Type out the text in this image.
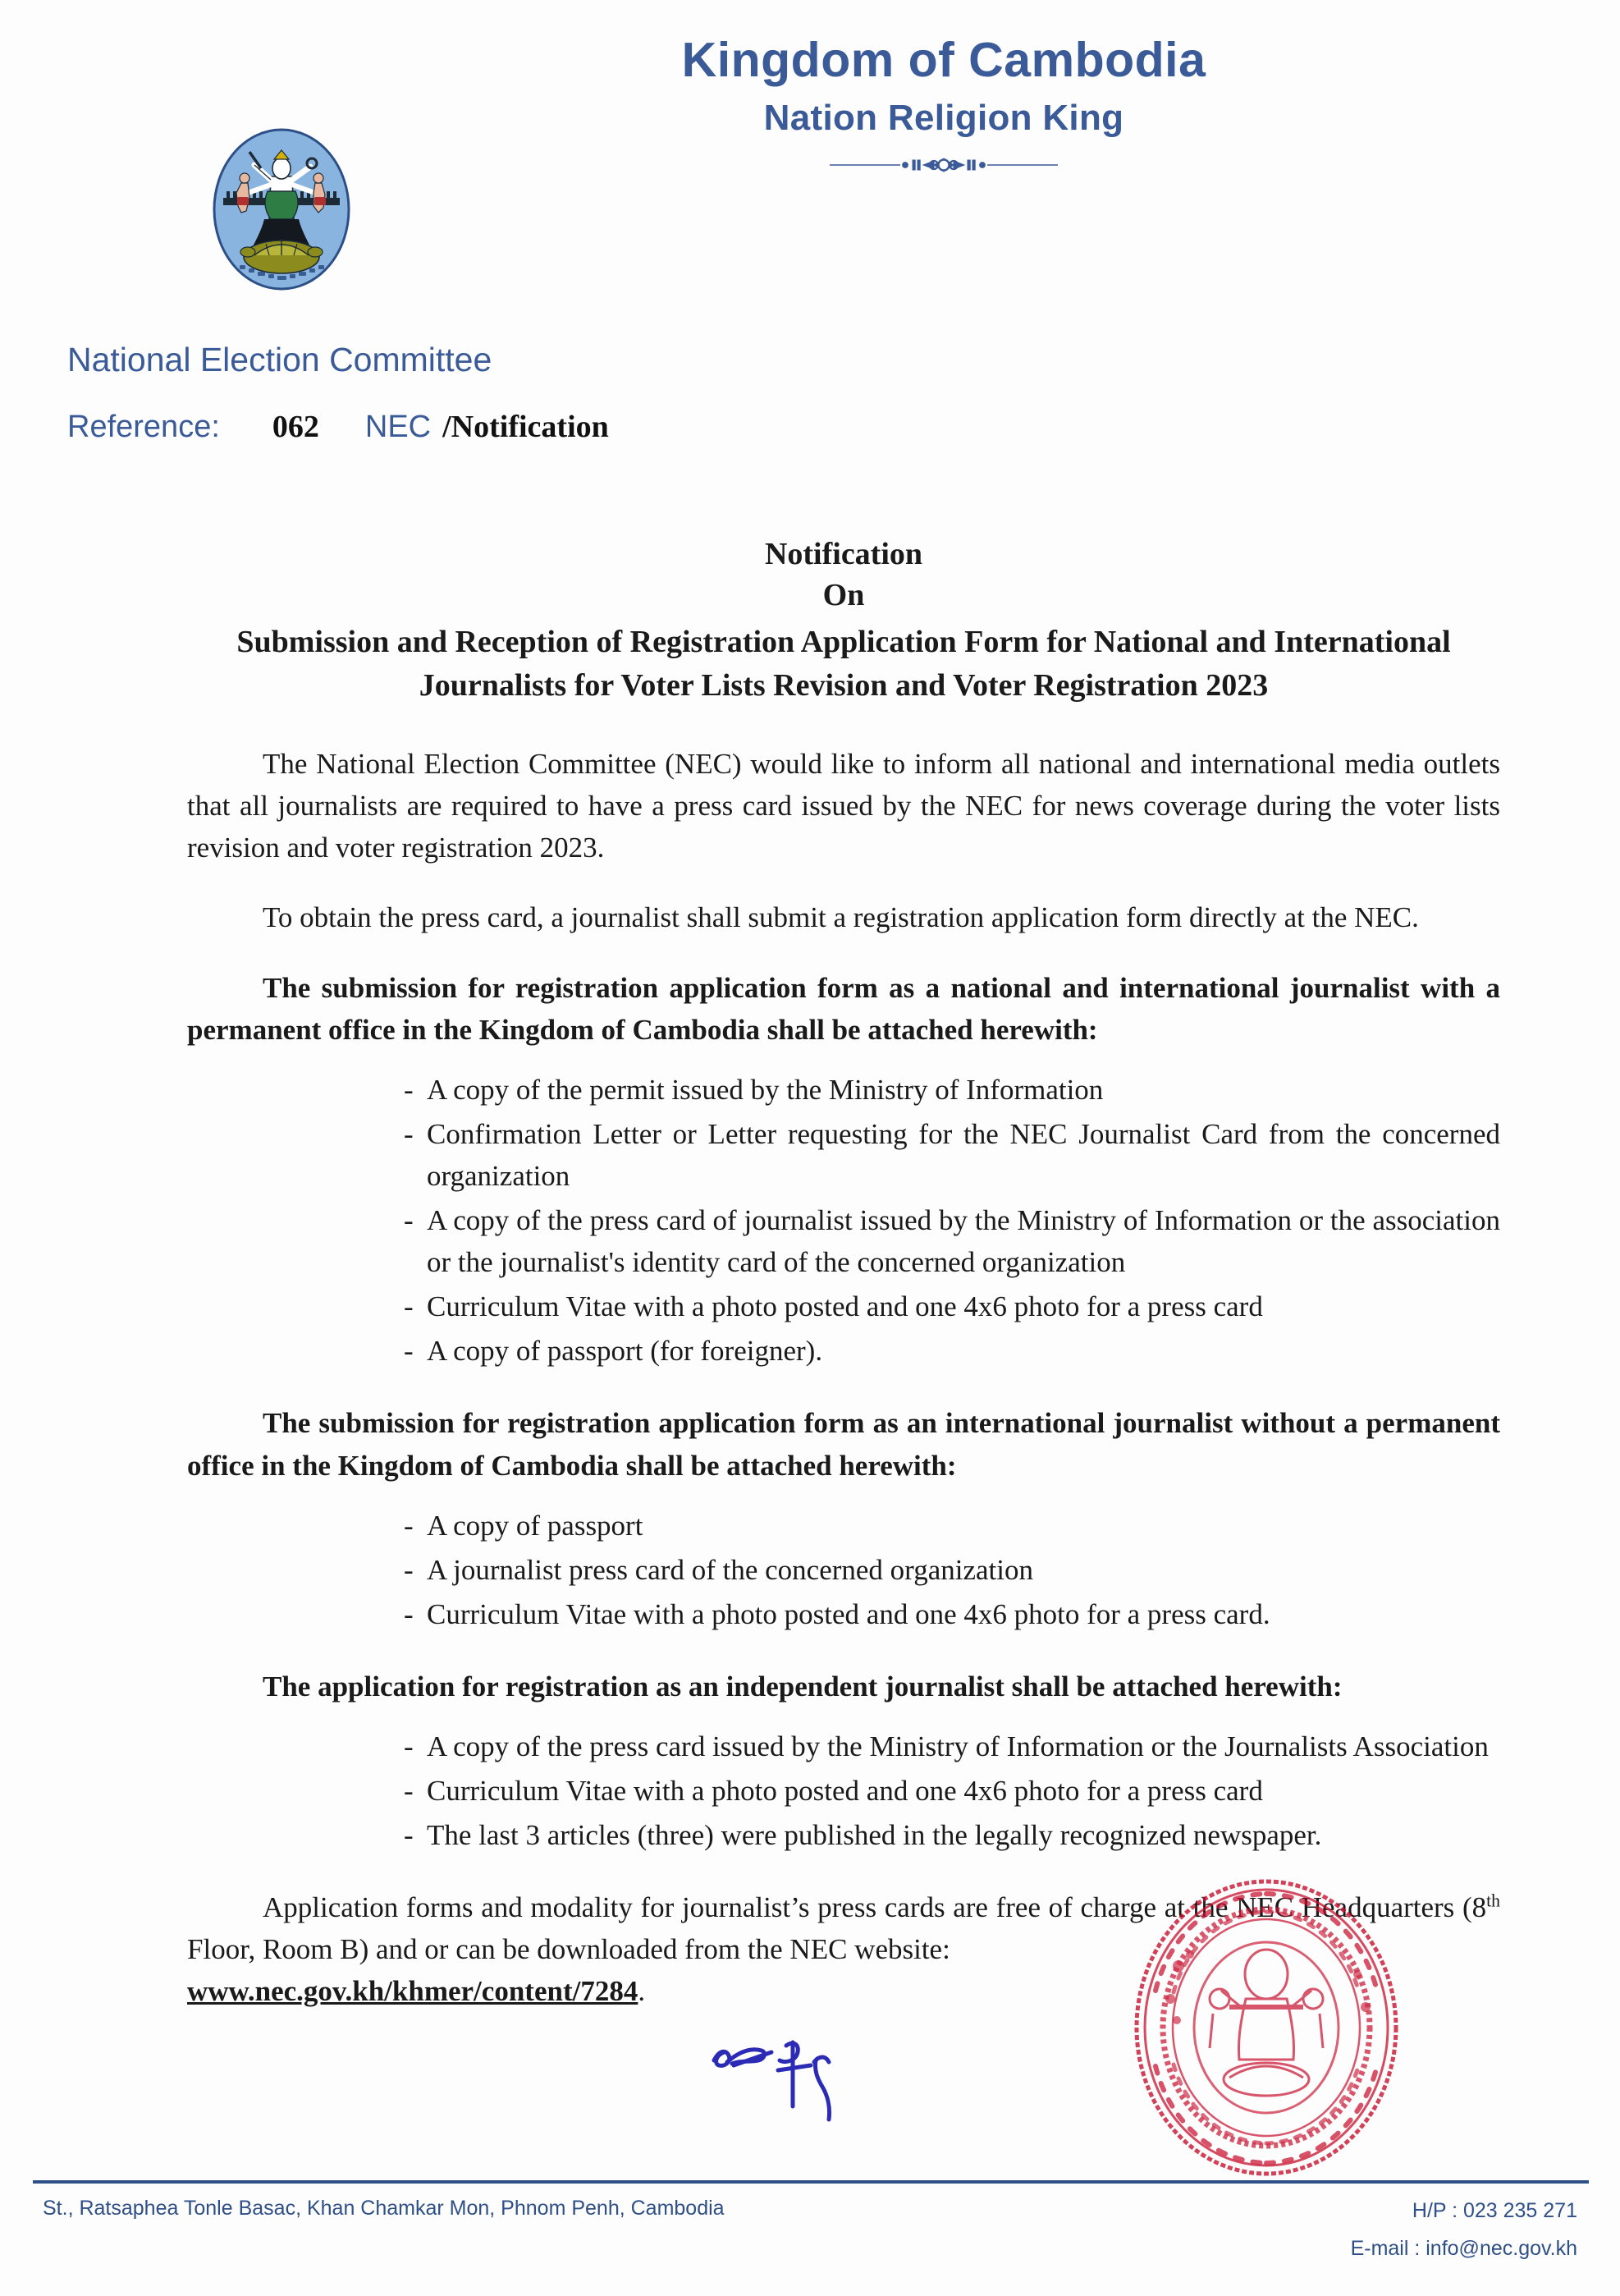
Kingdom of Cambodia
Nation Religion King
National Election Committee
Reference: 062 NEC /Notification
Notification
On
Submission and Reception of Registration Application Form for National and International Journalists for Voter Lists Revision and Voter Registration 2023

The National Election Committee (NEC) would like to inform all national and international media outlets that all journalists are required to have a press card issued by the NEC for news coverage during the voter lists revision and voter registration 2023.

To obtain the press card, a journalist shall submit a registration application form directly at the NEC.

The submission for registration application form as a national and international journalist with a permanent office in the Kingdom of Cambodia shall be attached herewith:

- A copy of the permit issued by the Ministry of Information
- Confirmation Letter or Letter requesting for the NEC Journalist Card from the concerned organization
- A copy of the press card of journalist issued by the Ministry of Information or the association or the journalist's identity card of the concerned organization
- Curriculum Vitae with a photo posted and one 4x6 photo for a press card
- A copy of passport (for foreigner).

The submission for registration application form as an international journalist without a permanent office in the Kingdom of Cambodia shall be attached herewith:

- A copy of passport
- A journalist press card of the concerned organization
- Curriculum Vitae with a photo posted and one 4x6 photo for a press card.

The application for registration as an independent journalist shall be attached herewith:

- A copy of the press card issued by the Ministry of Information or the Journalists Association
- Curriculum Vitae with a photo posted and one 4x6 photo for a press card
- The last 3 articles (three) were published in the legally recognized newspaper.

Application forms and modality for journalist’s press cards are free of charge at the NEC Headquarters (8th Floor, Room B) and or can be downloaded from the NEC website:
www.nec.gov.kh/khmer/content/7284.

St., Ratsaphea Tonle Basac, Khan Chamkar Mon, Phnom Penh, Cambodia	H/P : 023 235 271
E-mail : info@nec.gov.kh
